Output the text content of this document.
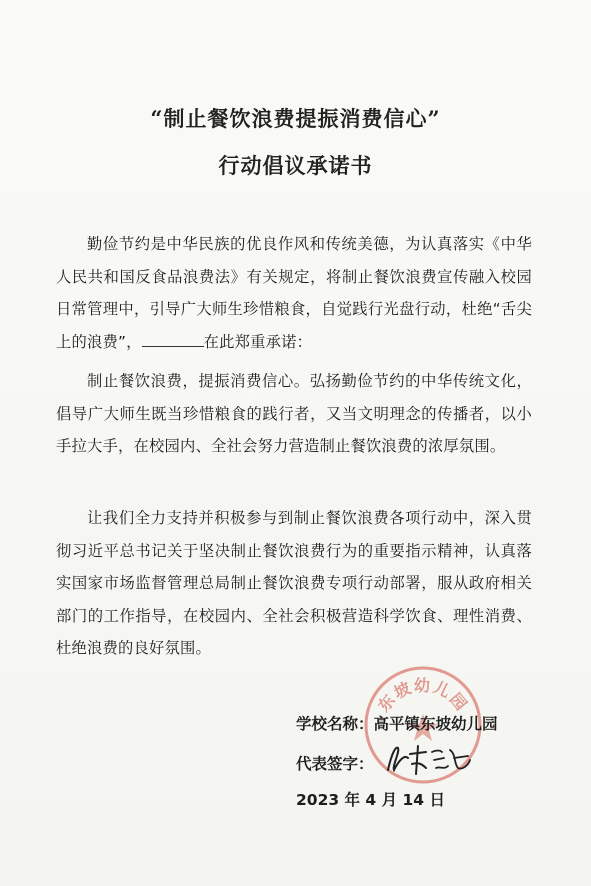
“制止餐饮浪费提振消费信心”
行动倡议承诺书
勤俭节约是中华民族的优良作风和传统美德，为认真落实《中华人民共和国反食品浪费法》有关规定，将制止餐饮浪费宣传融入校园日常管理中，引导广大师生珍惜粮食，自觉践行光盘行动，杜绝“舌尖上的浪费”，	在此郑重承诺：
制止餐饮浪费，提振消费信心。弘扬勤俭节约的中华传统文化，倡导广大师生既当珍惜粮食的践行者，又当文明理念的传播者，以小手拉大手，在校园内、全社会努力营造制止餐饮浪费的浓厚氛围。
让我们全力支持并积极参与到制止餐饮浪费各项行动中，深入贯彻习近平总书记关于坚决制止餐饮浪费行为的重要指示精神，认真落实国家市场监督管理总局制止餐饮浪费专项行动部署，服从政府相关部门的工作指导，在校园内、全社会积极营造科学饮食、理性消费、杜绝浪费的良好氛围。
东坡幼儿园
学校名称：高平镇东坡幼儿园
代表签字：
2023 年 4 月 14 日
